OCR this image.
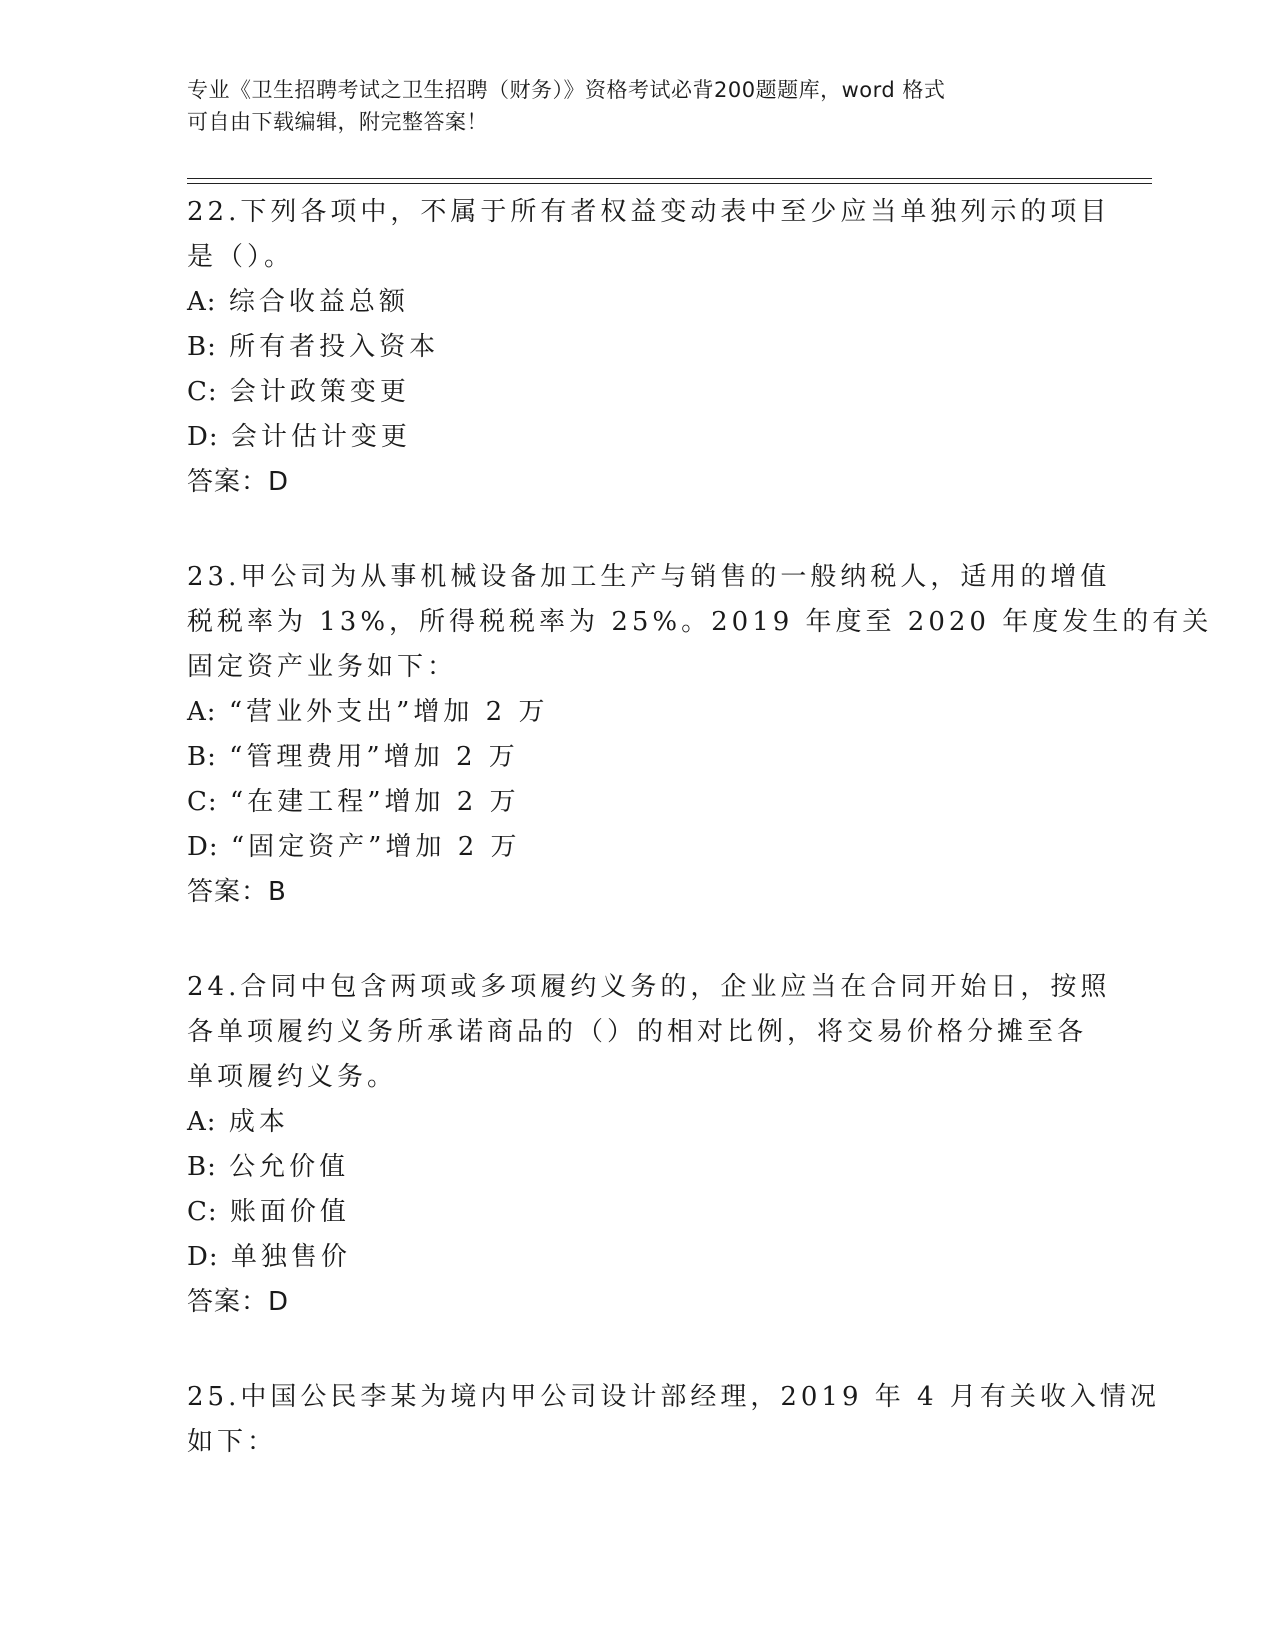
专业《卫生招聘考试之卫生招聘（财务）》资格考试必背200题题库，word 格式
可自由下载编辑，附完整答案！
22.下列各项中，不属于所有者权益变动表中至少应当单独列示的项目
是（）。
A: 综合收益总额
B: 所有者投入资本
C: 会计政策变更
D: 会计估计变更
答案：D
23.甲公司为从事机械设备加工生产与销售的一般纳税人，适用的增值
税税率为 13%，所得税税率为 25%。2019 年度至 2020 年度发生的有关
固定资产业务如下：
A: “营业外支出”增加 2 万
B: “管理费用”增加 2 万
C: “在建工程”增加 2 万
D: “固定资产”增加 2 万
答案：B
24.合同中包含两项或多项履约义务的，企业应当在合同开始日，按照
各单项履约义务所承诺商品的（）的相对比例，将交易价格分摊至各
单项履约义务。
A: 成本
B: 公允价值
C: 账面价值
D: 单独售价
答案：D
25.中国公民李某为境内甲公司设计部经理，2019 年 4 月有关收入情况
如下：
